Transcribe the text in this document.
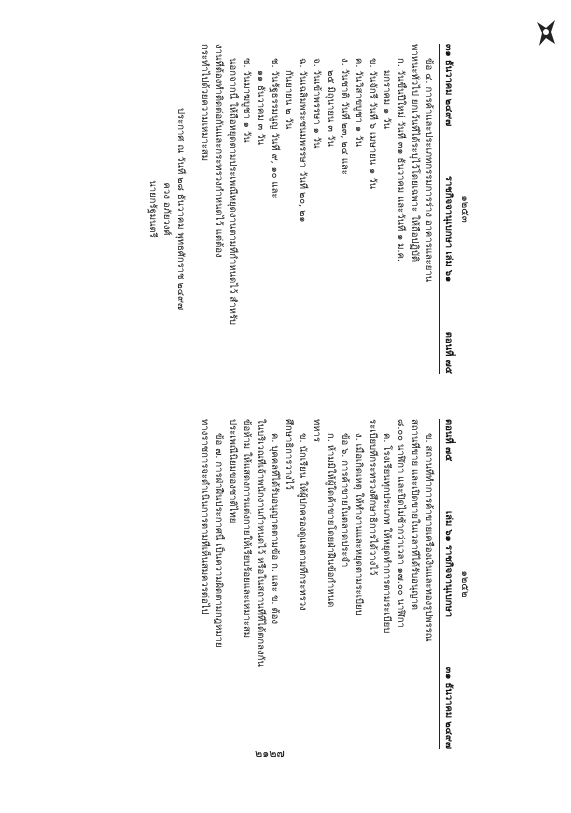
๑๒๕๓
๓๑ ธันวาคม ๒๔๙๗
ราชกิจจานุเบกษา เล่ม ๖๑
ตอนที่ ๗๕
ข้อ ๔. การค้าและประเภทกรรมการร่าง อาคารและยาน
พาหนะทั่วไป ยกเว้นที่ได้ระบุไว้โดยเฉพาะ ให้ถือปฏิบัติ
ก. วันขึ้นปีใหม่ วันที่ ๓๑ ธันวาคม และวันที่ ๑ ม.ค.
มกราคม ๑ วัน
ข. วันจักรี วันที่ ๖ เมษายน ๑ วัน
ค. วันวิสาขบูชา ๑ วัน
ง. วันชาติ วันที่ ๒๓, ๒๔ และ
๒๕ มิถุนายน ๓ วัน
จ. วันเข้าพรรษา ๑ วัน
ฉ. วันเฉลิมพระชนมพรรษา วันที่ ๒๐, ๒๑
กันยายน ๒ วัน
ช. วันรัฐธรรมนูญ วันที่ ๙, ๑๐ และ
๑๑ ธันวาคม ๓ วัน
ซ. วันมาฆบูชา ๑ วัน
นอกจากนี้ ให้ถือหยุดตามประเพณีหยุดงานตามที่กำหนดไว้ สำหรับ
งานที่ต้องทำติดต่อกันและกระทรวงกำหนดไว้ แต่ต้อง
กระทำไปด้วยความเหมาะสม
ประกาศ ณ วันที่ ๒๘ ธันวาคม พุทธศักราช ๒๔๙๗
ควง อภัยวงศ์
นายกรัฐมนตรี
๑๒๕๒
ตอนที่ ๗๕
เล่ม ๖๑ ราชกิจจานุเบกษา
๓๑ ธันวาคม ๒๔๙๗
ข. สถานที่ทำการค้าขายเครื่องเงินและทองรูปพรรณ
สถานที่ขาย และเปิดขายในเวลาที่ได้รับอนุญาต
๘.๐๐ นาฬิกา และปิดไม่ช้ากว่าเวลา ๑๗.๐๐ นาฬิกา
ค. โรงเรียนทุกประเภท ให้หยุดทำการตามระเบียบ
ระเบียบที่กระทรวงศึกษาธิการได้วางไว้
ง. เมื่อเกิดเหตุ ให้ทำงานและหยุดตามระเบียบ
ข้อ ๖. การค้าขายในตลาดประจำ
ก. ห้ามมิให้ผู้ใดค้าขายโดยฝ่าฝืนข้อกำหนด
ทหาร
ข. นักเรียน ให้ผู้ปกครองดูแลตามที่กระทรวง
ศึกษาธิการวางไว้
ค. บุคคลที่ได้รับอนุญาตตามข้อ ก. และ ข. ต้อง
ในบริเวณที่เจ้าพนักงานกำหนดไว้ หรือในสถานที่ที่ได้ตกลงกัน
ข้อห้าม ให้แสดงการแต่งกายให้เรียบร้อยและเหมาะสม
ประเพณีนิยมของชาติไทย
ข้อ ๗. การฝ่าฝืนประกาศนี้ เป็นความผิดตามกฎหมาย
ทางราชการจะดำเนินการตามที่เห็นสมควรต่อไป
๒๑๒๗
